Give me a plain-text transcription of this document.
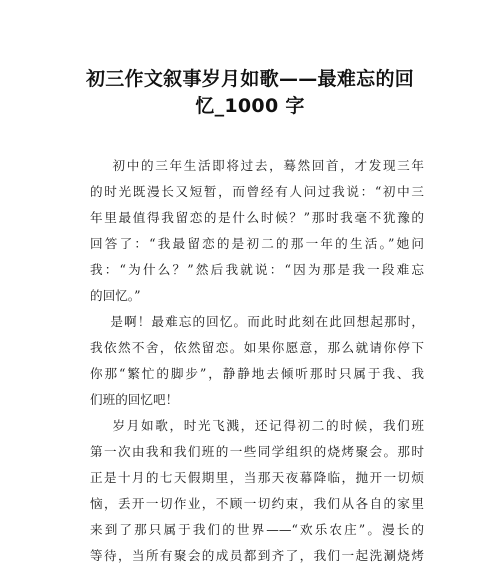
初三作文叙事岁月如歌——最难忘的回
忆_1000 字
初中的三年生活即将过去，蓦然回首，才发现三年
的时光既漫长又短暂，而曾经有人问过我说：“初中三
年里最值得我留恋的是什么时候？”那时我毫不犹豫的
回答了：“我最留恋的是初二的那一年的生活。”她问
我：“为什么？”然后我就说：“因为那是我一段难忘
的回忆。”
是啊！最难忘的回忆。而此时此刻在此回想起那时，
我依然不舍，依然留恋。如果你愿意，那么就请你停下
你那“繁忙的脚步”，静静地去倾听那时只属于我、我
们班的回忆吧！
岁月如歌，时光飞溅，还记得初二的时候，我们班
第一次由我和我们班的一些同学组织的烧烤聚会。那时
正是十月的七天假期里，当那天夜幕降临，抛开一切烦
恼，丢开一切作业，不顾一切约束，我们从各自的家里
来到了那只属于我们的世界——“欢乐农庄”。漫长的
等待，当所有聚会的成员都到齐了，我们一起洗涮烧烤
